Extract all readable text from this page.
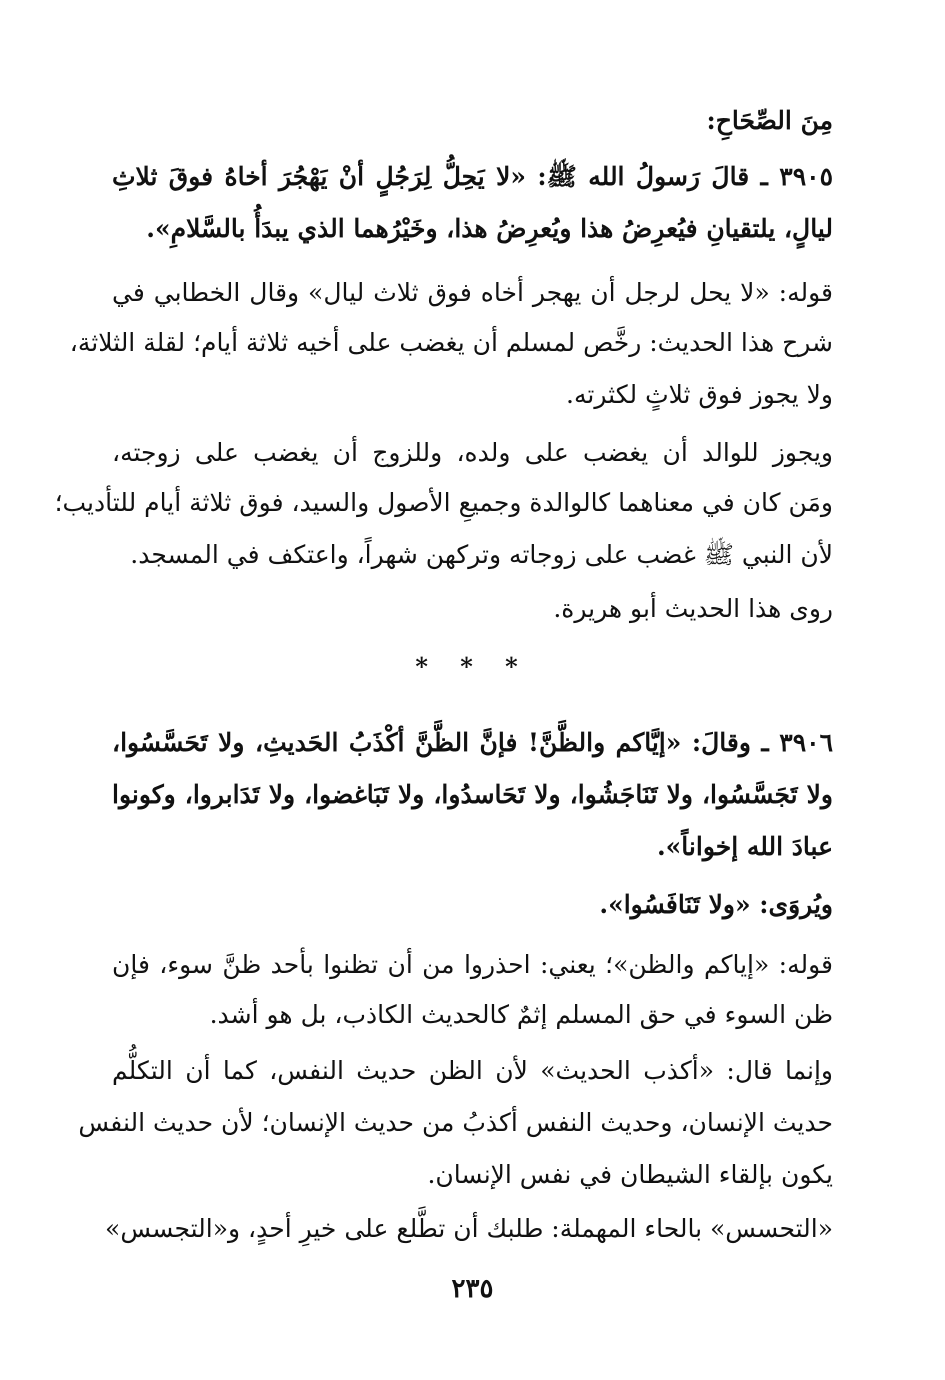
مِنَ الصِّحَاحِ:
٣٩٠٥ ـ قالَ رَسولُ الله ﷺ: «لا يَحِلُّ لِرَجُلٍ أنْ يَهْجُرَ أخاهُ فوقَ ثلاثِ
ليالٍ، يلتقيانِ فيُعرِضُ هذا ويُعرِضُ هذا، وخَيْرُهما الذي يبدَأُ بالسَّلامِ».
قوله: «لا يحل لرجل أن يهجر أخاه فوق ثلاث ليال» وقال الخطابي في
شرح هذا الحديث: رخَّص لمسلم أن يغضب على أخيه ثلاثة أيام؛ لقلة الثلاثة،
ولا يجوز فوق ثلاثٍ لكثرته.
ويجوز للوالد أن يغضب على ولده، وللزوج أن يغضب على زوجته،
ومَن كان في معناهما كالوالدة وجميعِ الأصول والسيد، فوق ثلاثة أيام للتأديب؛
لأن النبي ﷺ غضب على زوجاته وتركهن شهراً، واعتكف في المسجد.
روى هذا الحديث أبو هريرة.
* * *
٣٩٠٦ ـ وقالَ: «إيَّاكم والظَّنَّ! فإنَّ الظَّنَّ أكْذَبُ الحَديثِ، ولا تَحَسَّسُوا،
ولا تَجَسَّسُوا، ولا تَنَاجَشُوا، ولا تَحَاسدُوا، ولا تَبَاغضوا، ولا تَدَابروا، وكونوا
عبادَ الله إخواناً».
ويُروَى: «ولا تَنَافَسُوا».
قوله: «إياكم والظن»؛ يعني: احذروا من أن تظنوا بأحد ظنَّ سوء، فإن
ظن السوء في حق المسلم إثمٌ كالحديث الكاذب، بل هو أشد.
وإنما قال: «أكذب الحديث» لأن الظن حديث النفس، كما أن التكلُّم
حديث الإنسان، وحديث النفس أكذبُ من حديث الإنسان؛ لأن حديث النفس
يكون بإلقاء الشيطان في نفس الإنسان.
«التحسس» بالحاء المهملة: طلبك أن تطَّلع على خيرِ أحدٍ، و«التجسس»
٢٣٥
